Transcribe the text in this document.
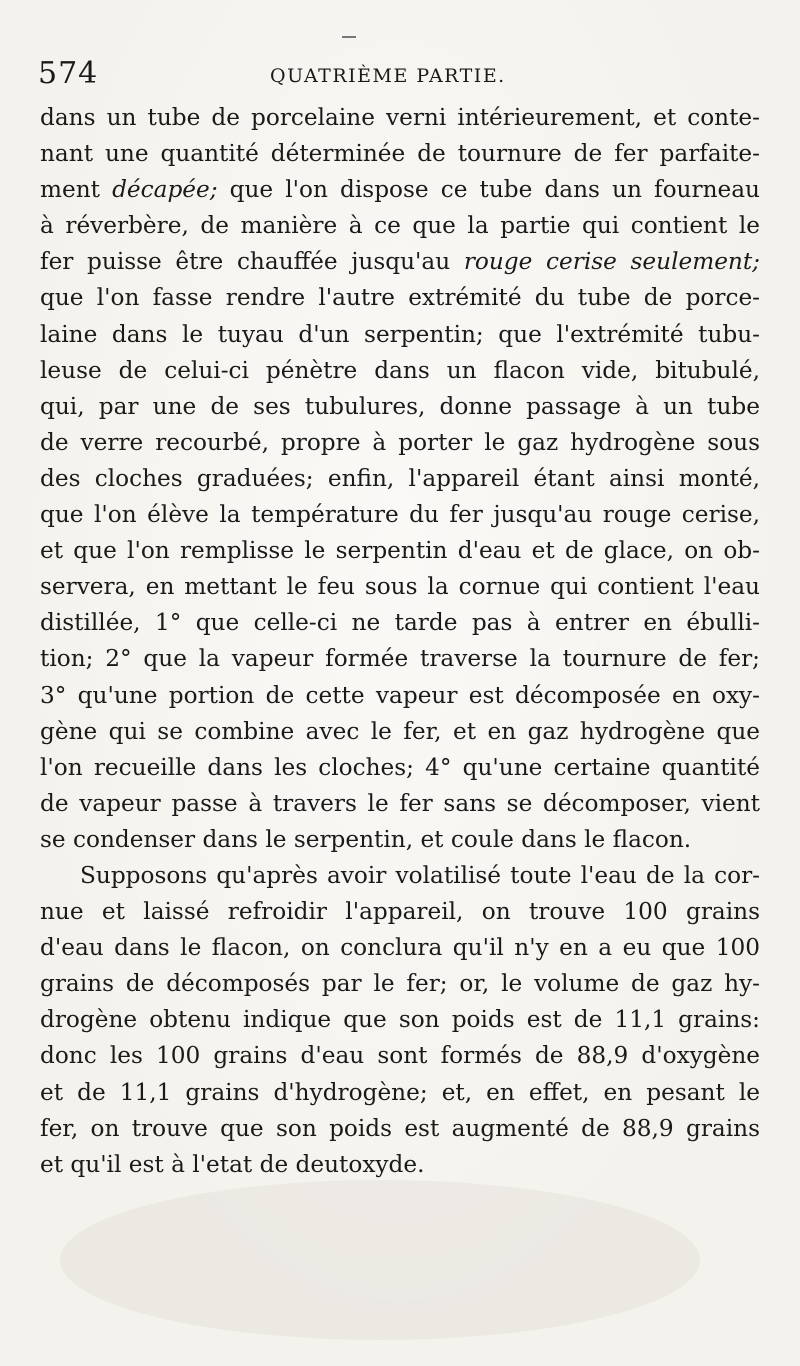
574	QUATRIÈME PARTIE.
dans un tube de porcelaine verni intérieurement, et conte-
nant une quantité déterminée de tournure de fer parfaite-
ment décapée; que l'on dispose ce tube dans un fourneau
à réverbère, de manière à ce que la partie qui contient le
fer puisse être chauffée jusqu'au rouge cerise seulement;
que l'on fasse rendre l'autre extrémité du tube de porce-
laine dans le tuyau d'un serpentin; que l'extrémité tubu-
leuse de celui-ci pénètre dans un flacon vide, bitubulé,
qui, par une de ses tubulures, donne passage à un tube
de verre recourbé, propre à porter le gaz hydrogène sous
des cloches graduées; enfin, l'appareil étant ainsi monté,
que l'on élève la température du fer jusqu'au rouge cerise,
et que l'on remplisse le serpentin d'eau et de glace, on ob-
servera, en mettant le feu sous la cornue qui contient l'eau
distillée, 1° que celle-ci ne tarde pas à entrer en ébulli-
tion; 2° que la vapeur formée traverse la tournure de fer;
3° qu'une portion de cette vapeur est décomposée en oxy-
gène qui se combine avec le fer, et en gaz hydrogène que
l'on recueille dans les cloches; 4° qu'une certaine quantité
de vapeur passe à travers le fer sans se décomposer, vient
se condenser dans le serpentin, et coule dans le flacon.
Supposons qu'après avoir volatilisé toute l'eau de la cor-
nue et laissé refroidir l'appareil, on trouve 100 grains
d'eau dans le flacon, on conclura qu'il n'y en a eu que 100
grains de décomposés par le fer; or, le volume de gaz hy-
drogène obtenu indique que son poids est de 11,1 grains:
donc les 100 grains d'eau sont formés de 88,9 d'oxygène
et de 11,1 grains d'hydrogène; et, en effet, en pesant le
fer, on trouve que son poids est augmenté de 88,9 grains
et qu'il est à l'etat de deutoxyde.
